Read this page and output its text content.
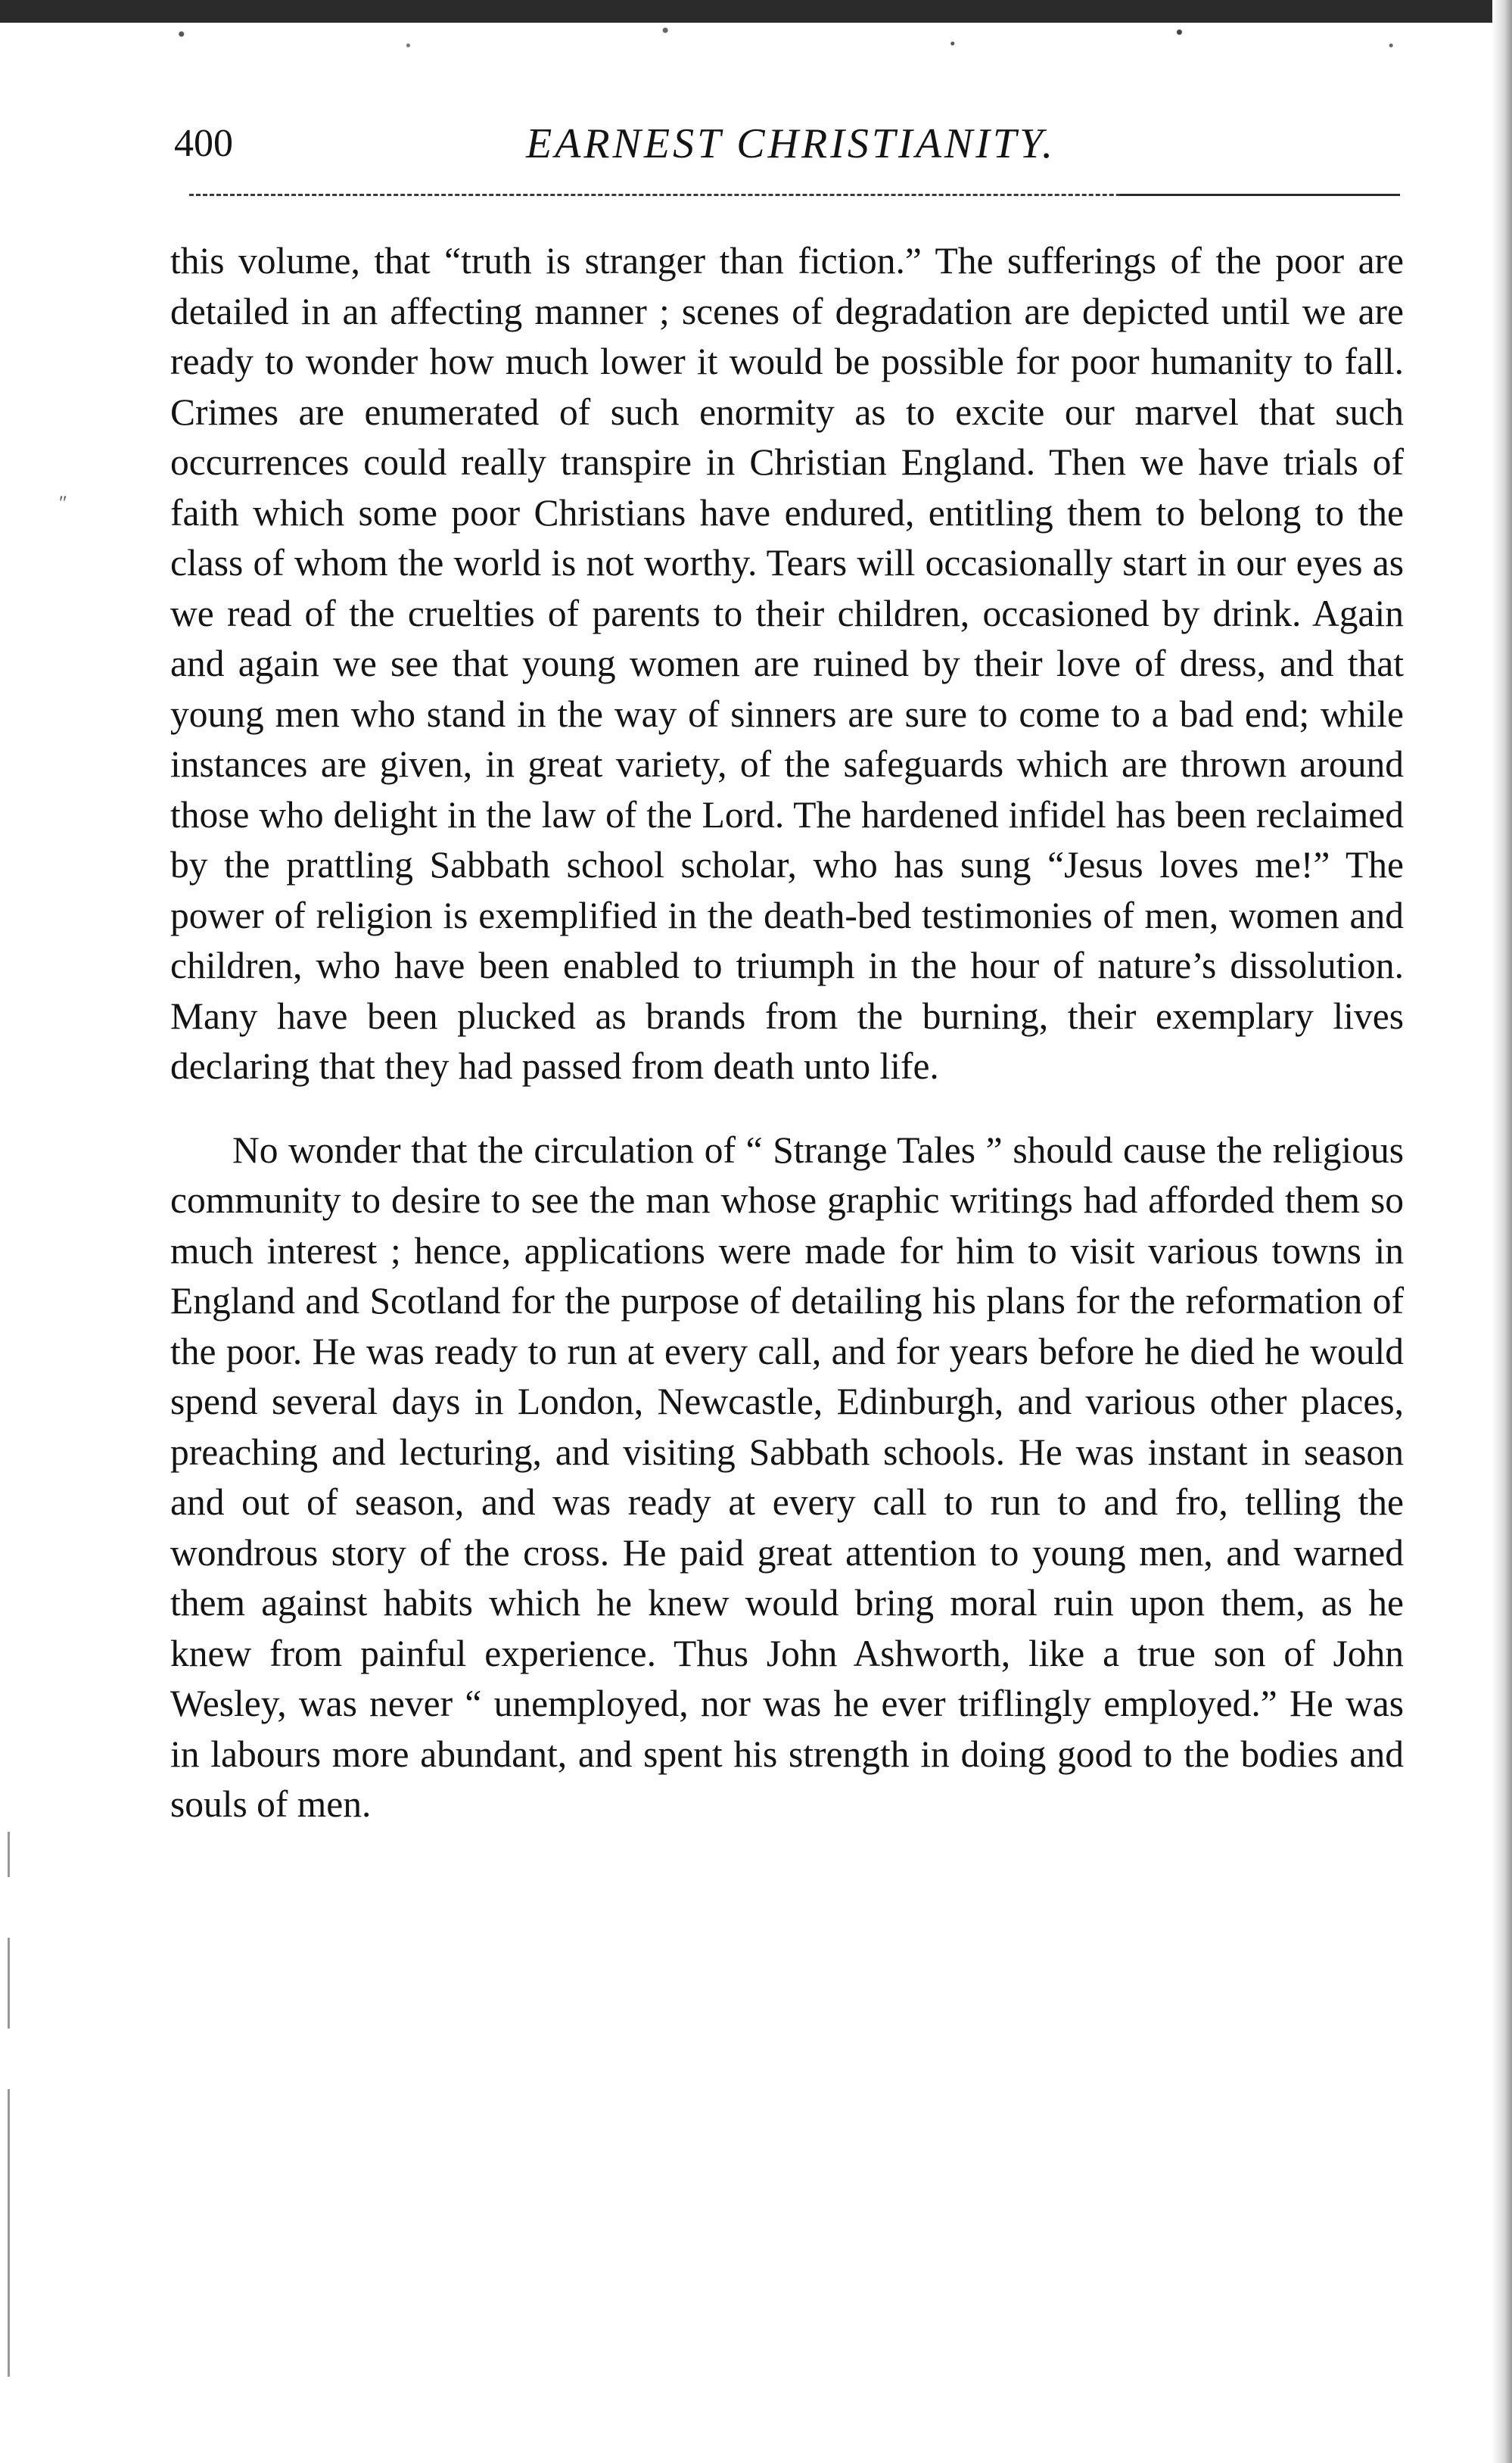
″
400	EARNEST CHRISTIANITY.

this volume, that “truth is stranger than fiction.” The sufferings of the poor are detailed in an affecting manner ; scenes of degradation are depicted until we are ready to wonder how much lower it would be possible for poor humanity to fall. Crimes are enumerated of such enormity as to excite our marvel that such occurrences could really transpire in Christian England. Then we have trials of faith which some poor Christians have endured, entitling them to belong to the class of whom the world is not worthy. Tears will occasionally start in our eyes as we read of the cruelties of parents to their children, occasioned by drink. Again and again we see that young women are ruined by their love of dress, and that young men who stand in the way of sinners are sure to come to a bad end; while instances are given, in great variety, of the safeguards which are thrown around those who delight in the law of the Lord. The hardened infidel has been reclaimed by the prattling Sabbath school scholar, who has sung “Jesus loves me!” The power of religion is exemplified in the death-bed testimonies of men, women and children, who have been enabled to triumph in the hour of nature’s dissolution. Many have been plucked as brands from the burning, their exemplary lives declaring that they had passed from death unto life.

No wonder that the circulation of “ Strange Tales ” should cause the religious community to desire to see the man whose graphic writings had afforded them so much interest ; hence, applications were made for him to visit various towns in England and Scotland for the purpose of detailing his plans for the reformation of the poor. He was ready to run at every call, and for years before he died he would spend several days in London, Newcastle, Edinburgh, and various other places, preaching and lecturing, and visiting Sabbath schools. He was instant in season and out of season, and was ready at every call to run to and fro, telling the wondrous story of the cross. He paid great attention to young men, and warned them against habits which he knew would bring moral ruin upon them, as he knew from painful experience. Thus John Ashworth, like a true son of John Wesley, was never “ unemployed, nor was he ever triflingly employed.” He was in labours more abundant, and spent his strength in doing good to the bodies and souls of men.
